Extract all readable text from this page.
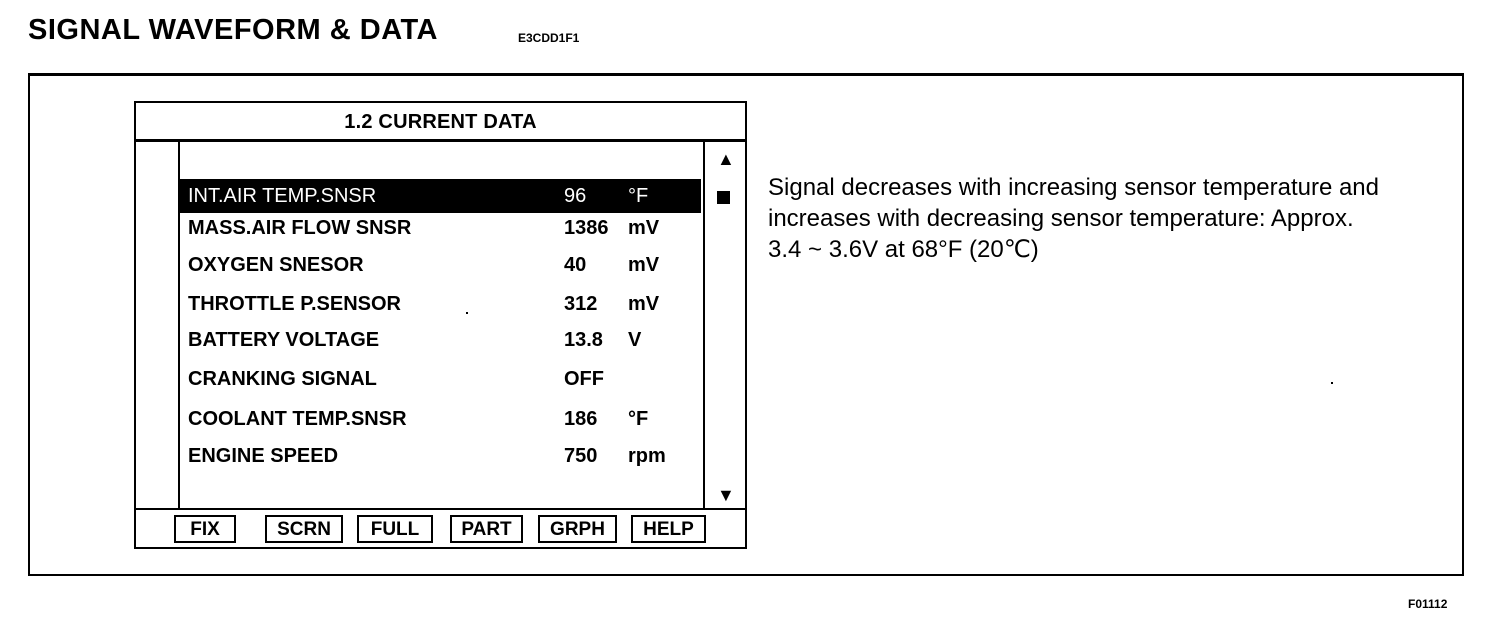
SIGNAL WAVEFORM & DATA	E3CDD1F1
1.2 CURRENT DATA
INT.AIR TEMP.SNSR	96 °F
MASS.AIR FLOW SNSR	1386 mV
OXYGEN SNESOR	40 mV
THROTTLE P.SENSOR	312 mV
BATTERY VOLTAGE	13.8 V
CRANKING SIGNAL	OFF
COOLANT TEMP.SNSR	186 °F
ENGINE SPEED	750 rpm
▲
▼
FIX	SCRN	FULL	PART	GRPH	HELP
Signal decreases with increasing sensor temperature and increases with decreasing sensor temperature: Approx. 3.4 ~ 3.6V at 68°F (20℃)
F01112
